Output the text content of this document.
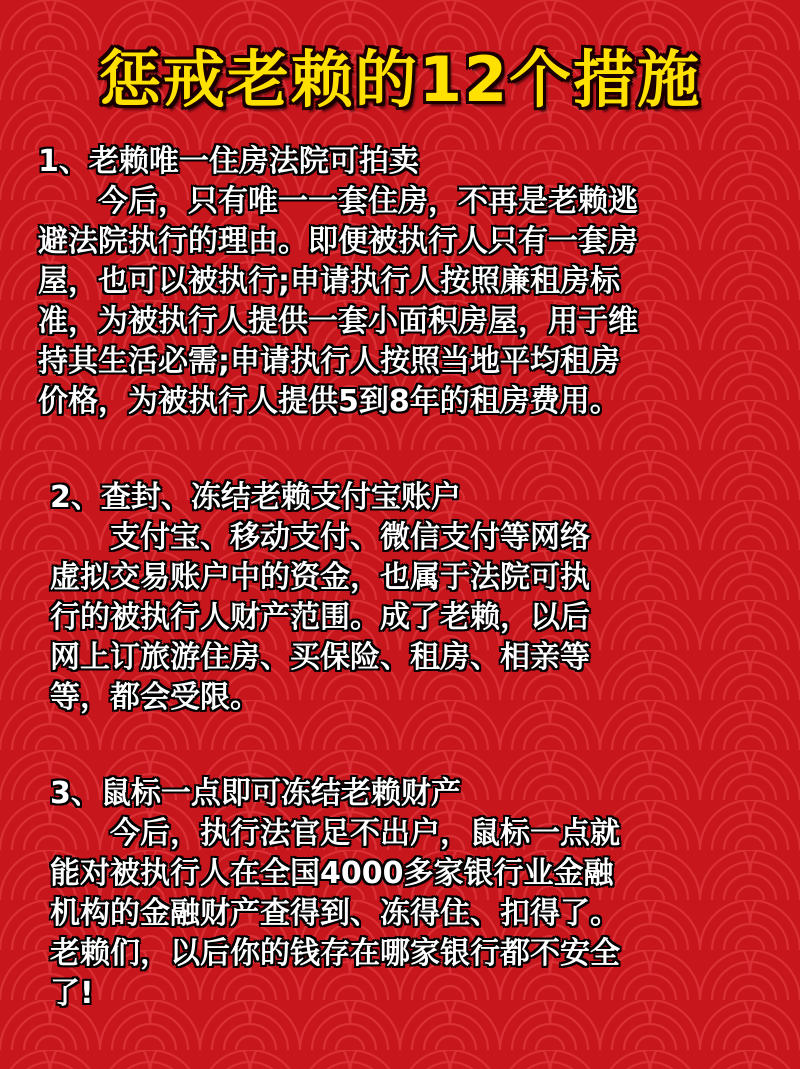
惩戒老赖的12个措施
1、老赖唯一住房法院可拍卖
今后，只有唯一一套住房，不再是老赖逃
避法院执行的理由。即便被执行人只有一套房
屋，也可以被执行;申请执行人按照廉租房标
准，为被执行人提供一套小面积房屋，用于维
持其生活必需;申请执行人按照当地平均租房
价格，为被执行人提供5到8年的租房费用。
2、查封、冻结老赖支付宝账户
支付宝、移动支付、微信支付等网络
虚拟交易账户中的资金，也属于法院可执
行的被执行人财产范围。成了老赖，以后
网上订旅游住房、买保险、租房、相亲等
等，都会受限。
3、鼠标一点即可冻结老赖财产
今后，执行法官足不出户，鼠标一点就
能对被执行人在全国4000多家银行业金融
机构的金融财产查得到、冻得住、扣得了。
老赖们，以后你的钱存在哪家银行都不安全
了!
